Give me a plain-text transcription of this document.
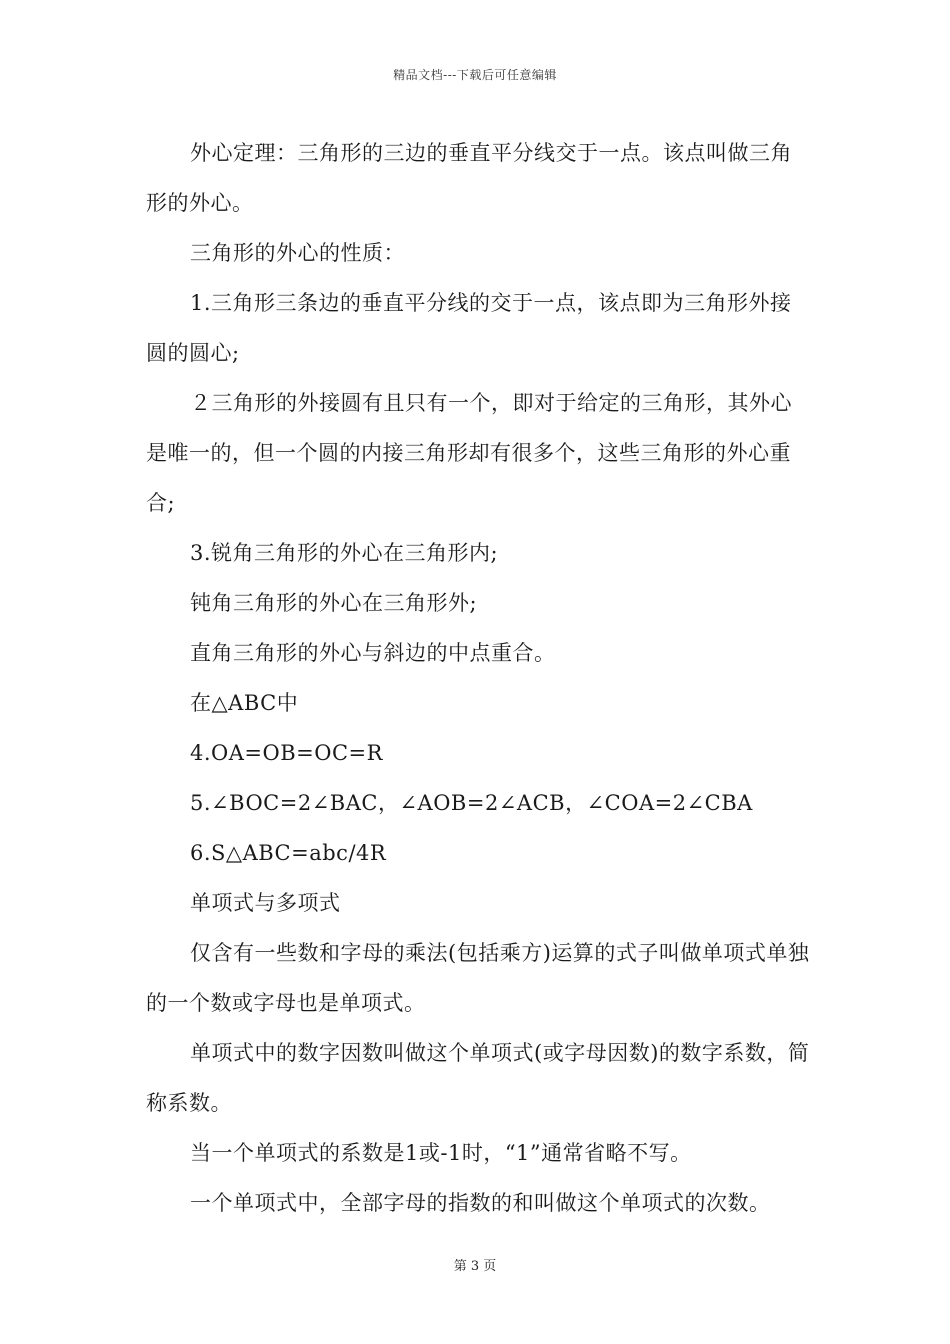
精品文档---下载后可任意编辑

外心定理：三角形的三边的垂直平分线交于一点。该点叫做三角形的外心。

三角形的外心的性质：

1.三角形三条边的垂直平分线的交于一点，该点即为三角形外接圆的圆心;

２三角形的外接圆有且只有一个，即对于给定的三角形，其外心是唯一的，但一个圆的内接三角形却有很多个，这些三角形的外心重合;

3.锐角三角形的外心在三角形内;

钝角三角形的外心在三角形外;

直角三角形的外心与斜边的中点重合。

在△ABC中

4.OA=OB=OC=R

5.∠BOC=2∠BAC，∠AOB=2∠ACB，∠COA=2∠CBA

6.S△ABC=abc/4R

单项式与多项式

仅含有一些数和字母的乘法(包括乘方)运算的式子叫做单项式单独的一个数或字母也是单项式。

单项式中的数字因数叫做这个单项式(或字母因数)的数字系数，简称系数。

当一个单项式的系数是1或-1时，“1”通常省略不写。

一个单项式中，全部字母的指数的和叫做这个单项式的次数。

第 3 页
